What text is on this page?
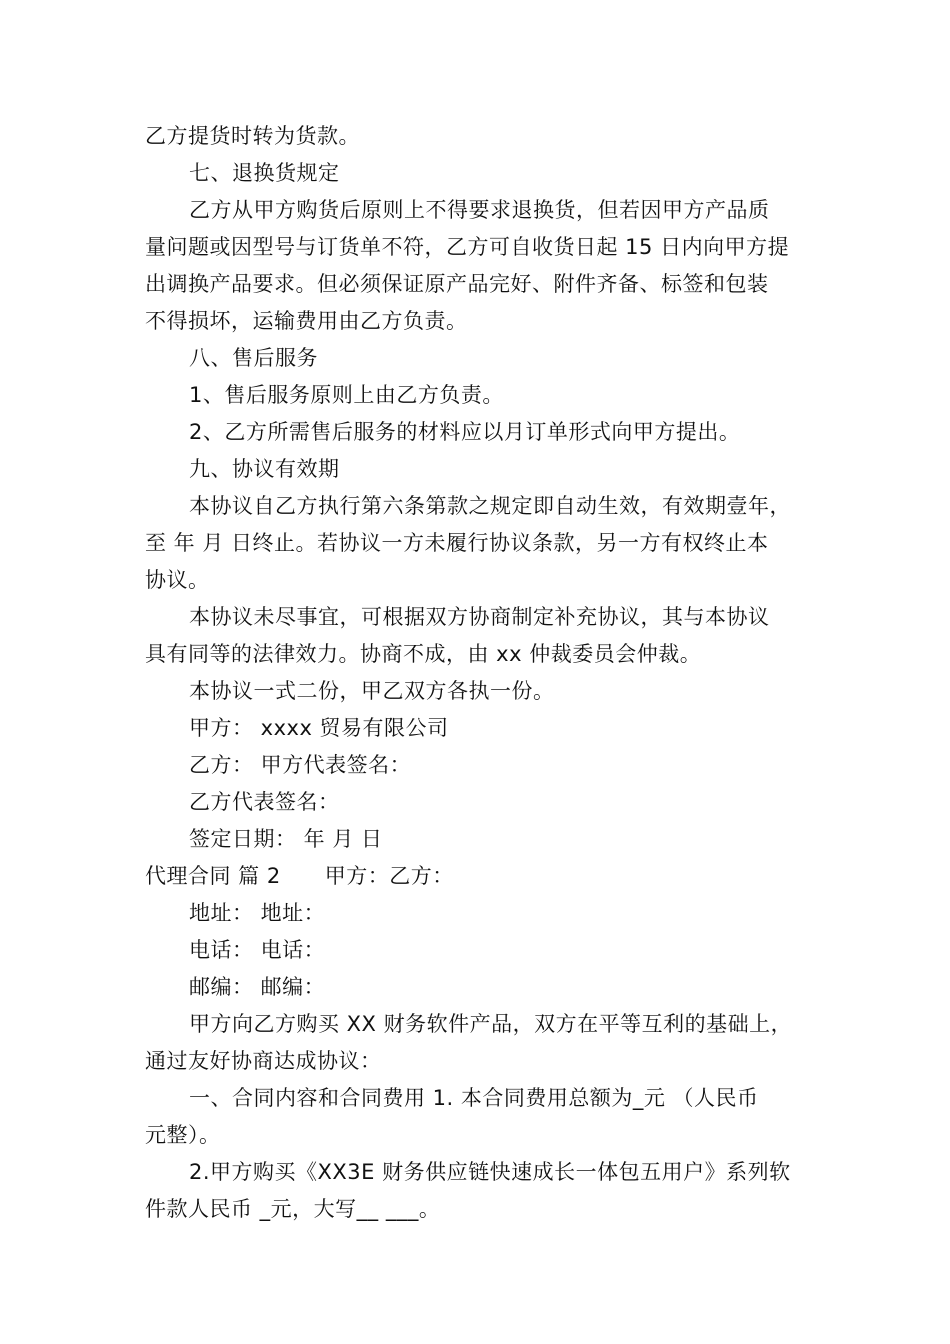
乙方提货时转为货款。
七、退换货规定
乙方从甲方购货后原则上不得要求退换货，但若因甲方产品质
量问题或因型号与订货单不符，乙方可自收货日起 15 日内向甲方提
出调换产品要求。但必须保证原产品完好、附件齐备、标签和包装
不得损坏，运输费用由乙方负责。
八、售后服务
1、售后服务原则上由乙方负责。
2、乙方所需售后服务的材料应以月订单形式向甲方提出。
九、协议有效期
本协议自乙方执行第六条第款之规定即自动生效，有效期壹年，
至 年 月 日终止。若协议一方未履行协议条款，另一方有权终止本
协议。
本协议未尽事宜，可根据双方协商制定补充协议，其与本协议
具有同等的法律效力。协商不成，由 xx 仲裁委员会仲裁。
本协议一式二份，甲乙双方各执一份。
甲方： xxxx 贸易有限公司
乙方： 甲方代表签名：
乙方代表签名：
签定日期： 年 月 日
代理合同 篇 2 甲方：乙方：
地址： 地址：
电话： 电话：
邮编： 邮编：
甲方向乙方购买 XX 财务软件产品，双方在平等互利的基础上，
通过友好协商达成协议：
一、合同内容和合同费用 1. 本合同费用总额为_元 （人民币
元整）。
2.甲方购买《XX3E 财务供应链快速成长一体包五用户》系列软
件款人民币 _元，大写__ ___。
